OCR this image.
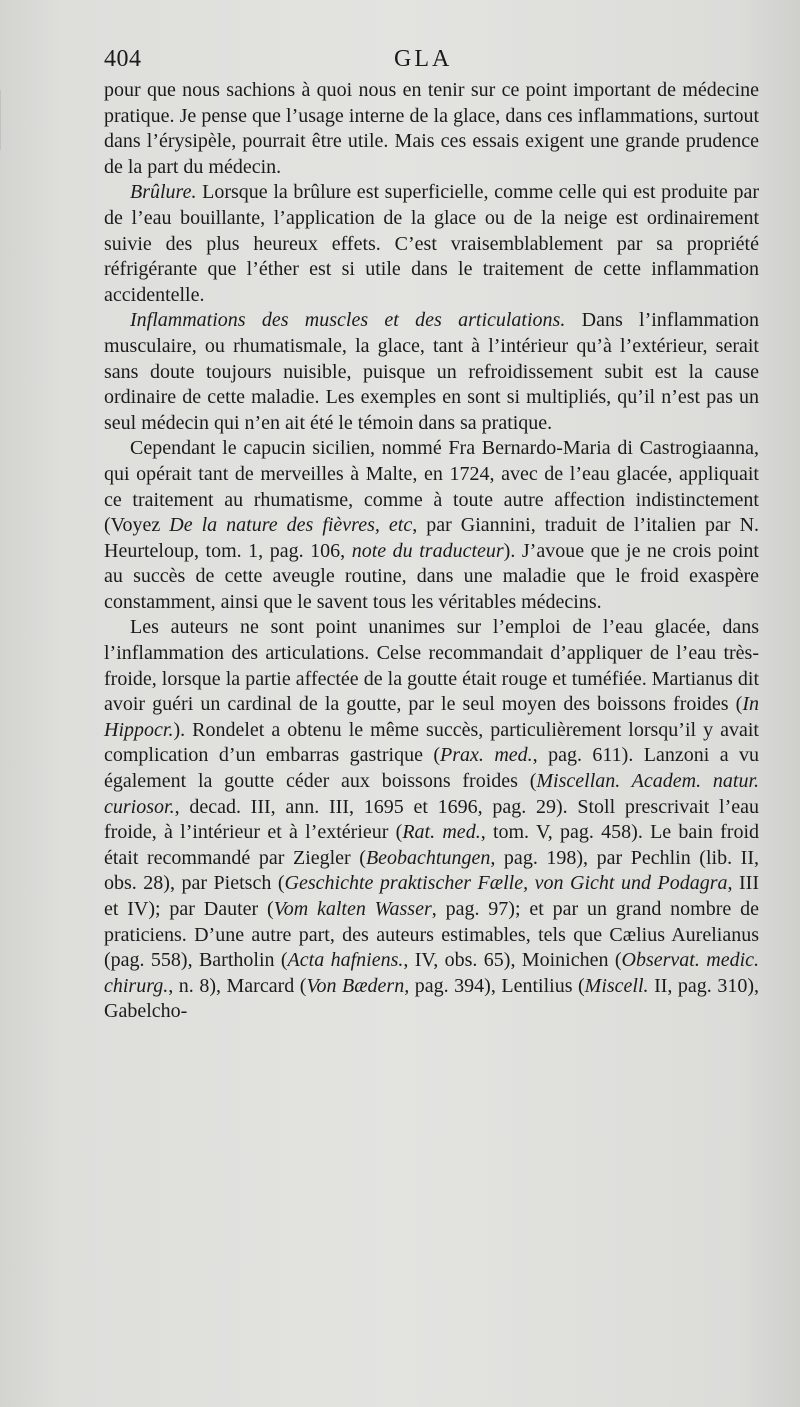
404	GLA

pour que nous sachions à quoi nous en tenir sur ce point important de médecine pratique. Je pense que l’usage interne de la glace, dans ces inflammations, surtout dans l’érysipèle, pourrait être utile. Mais ces essais exigent une grande prudence de la part du médecin.

Brûlure. Lorsque la brûlure est superficielle, comme celle qui est produite par de l’eau bouillante, l’application de la glace ou de la neige est ordinairement suivie des plus heureux effets. C’est vraisemblablement par sa propriété réfrigérante que l’éther est si utile dans le traitement de cette inflammation accidentelle.

Inflammations des muscles et des articulations. Dans l’inflammation musculaire, ou rhumatismale, la glace, tant à l’intérieur qu’à l’extérieur, serait sans doute toujours nuisible, puisque un refroidissement subit est la cause ordinaire de cette maladie. Les exemples en sont si multipliés, qu’il n’est pas un seul médecin qui n’en ait été le témoin dans sa pratique.

Cependant le capucin sicilien, nommé Fra Bernardo-Maria di Castrogiaanna, qui opérait tant de merveilles à Malte, en 1724, avec de l’eau glacée, appliquait ce traitement au rhumatisme, comme à toute autre affection indistinctement (Voyez De la nature des fièvres, etc, par Giannini, traduit de l’italien par N. Heurteloup, tom. 1, pag. 106, note du traducteur). J’avoue que je ne crois point au succès de cette aveugle routine, dans une maladie que le froid exaspère constamment, ainsi que le savent tous les véritables médecins.

Les auteurs ne sont point unanimes sur l’emploi de l’eau glacée, dans l’inflammation des articulations. Celse recommandait d’appliquer de l’eau très-froide, lorsque la partie affectée de la goutte était rouge et tuméfiée. Martianus dit avoir guéri un cardinal de la goutte, par le seul moyen des boissons froides (In Hippocr.). Rondelet a obtenu le même succès, particulièrement lorsqu’il y avait complication d’un embarras gastrique (Prax. med., pag. 611). Lanzoni a vu également la goutte céder aux boissons froides (Miscellan. Academ. natur. curiosor., decad. III, ann. III, 1695 et 1696, pag. 29). Stoll prescrivait l’eau froide, à l’intérieur et à l’extérieur (Rat. med., tom. V, pag. 458). Le bain froid était recommandé par Ziegler (Beobachtungen, pag. 198), par Pechlin (lib. II, obs. 28), par Pietsch (Geschichte praktischer Fælle, von Gicht und Podagra, III et IV); par Dauter (Vom kalten Wasser, pag. 97); et par un grand nombre de praticiens. D’une autre part, des auteurs estimables, tels que Cælius Aurelianus (pag. 558), Bartholin (Acta hafniens., IV, obs. 65), Moinichen (Observat. medic. chirurg., n. 8), Marcard (Von Bædern, pag. 394), Lentilius (Miscell. II, pag. 310), Gabelcho-
